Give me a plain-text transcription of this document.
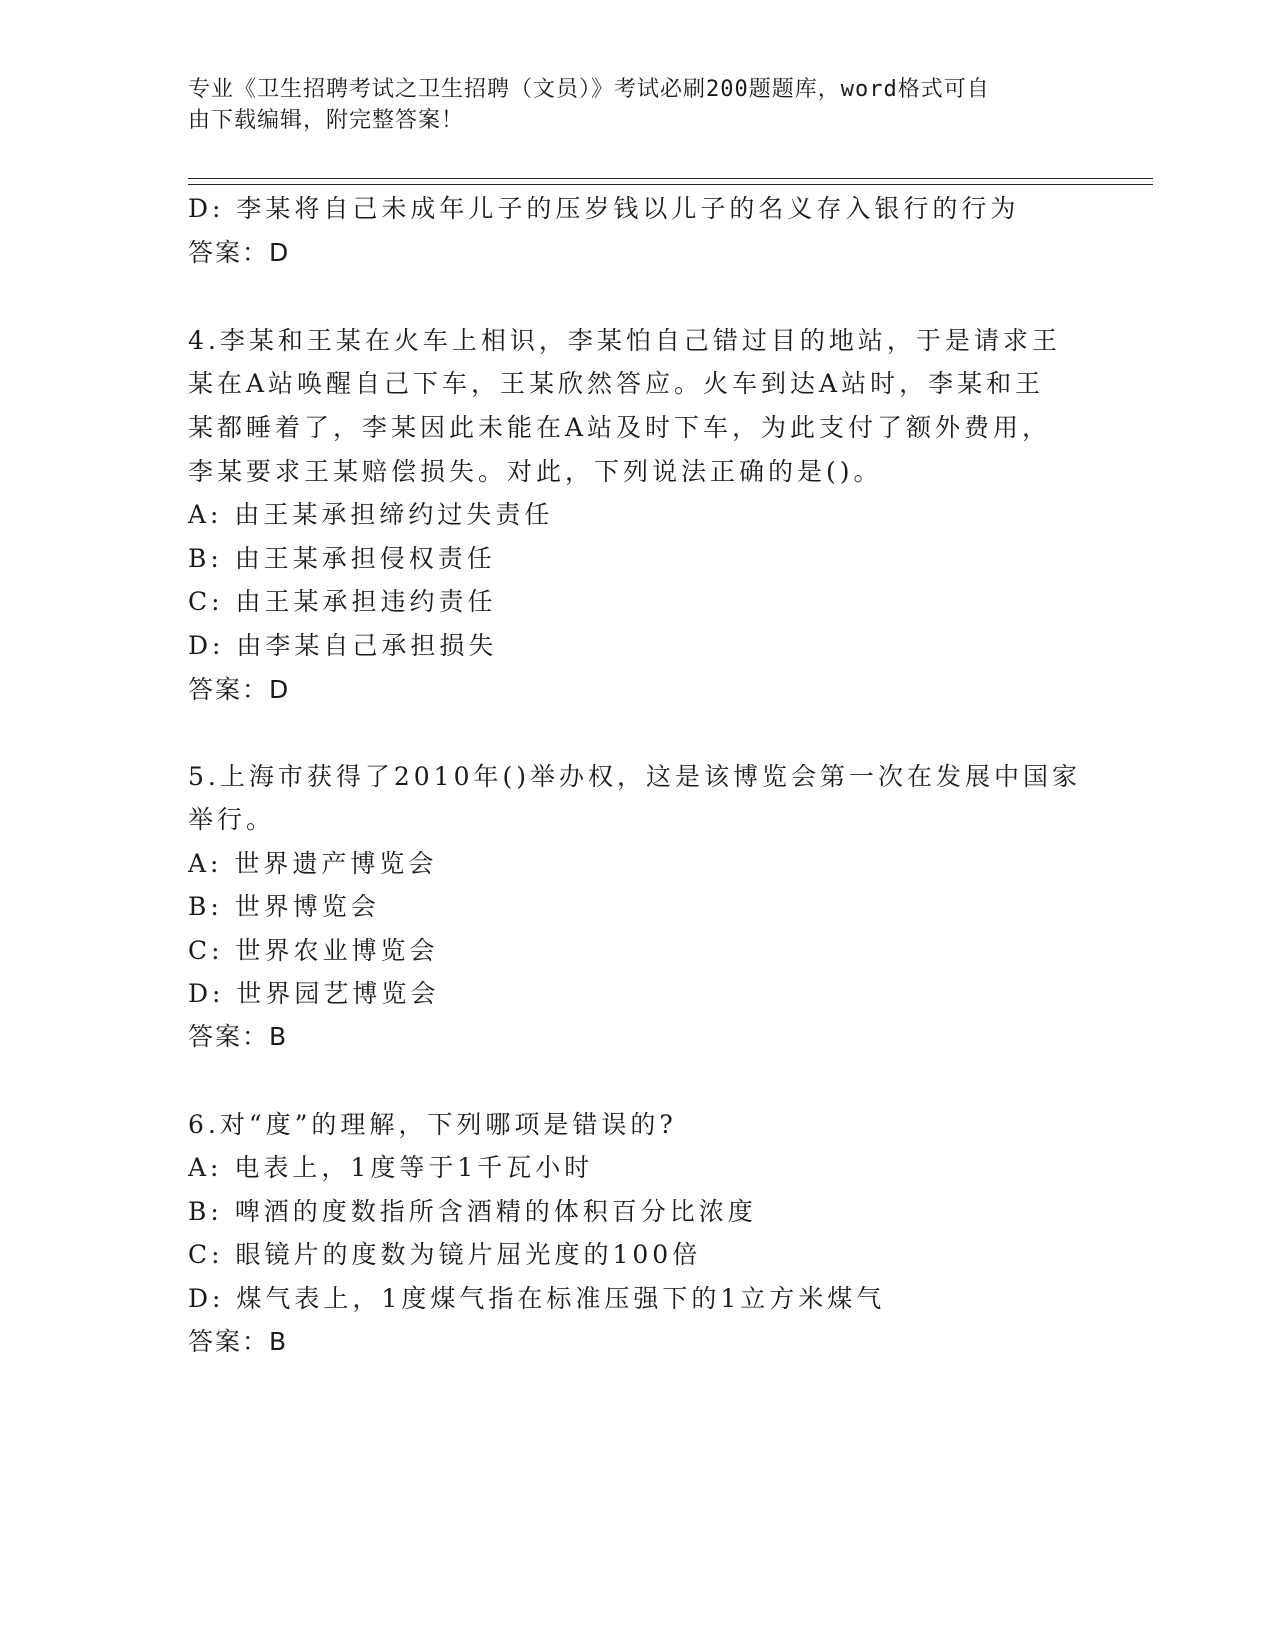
专业《卫生招聘考试之卫生招聘（文员）》考试必刷200题题库，word格式可自
由下载编辑，附完整答案！
D: 李某将自己未成年儿子的压岁钱以儿子的名义存入银行的行为
答案：D
4.李某和王某在火车上相识，李某怕自己错过目的地站，于是请求王
某在A站唤醒自己下车，王某欣然答应。火车到达A站时，李某和王
某都睡着了，李某因此未能在A站及时下车，为此支付了额外费用，
李某要求王某赔偿损失。对此，下列说法正确的是()。
A: 由王某承担缔约过失责任
B: 由王某承担侵权责任
C: 由王某承担违约责任
D: 由李某自己承担损失
答案：D
5.上海市获得了2010年()举办权，这是该博览会第一次在发展中国家
举行。
A: 世界遗产博览会
B: 世界博览会
C: 世界农业博览会
D: 世界园艺博览会
答案：B
6.对“度”的理解，下列哪项是错误的?
A: 电表上，1度等于1千瓦小时
B: 啤酒的度数指所含酒精的体积百分比浓度
C: 眼镜片的度数为镜片屈光度的100倍
D: 煤气表上，1度煤气指在标准压强下的1立方米煤气
答案：B
